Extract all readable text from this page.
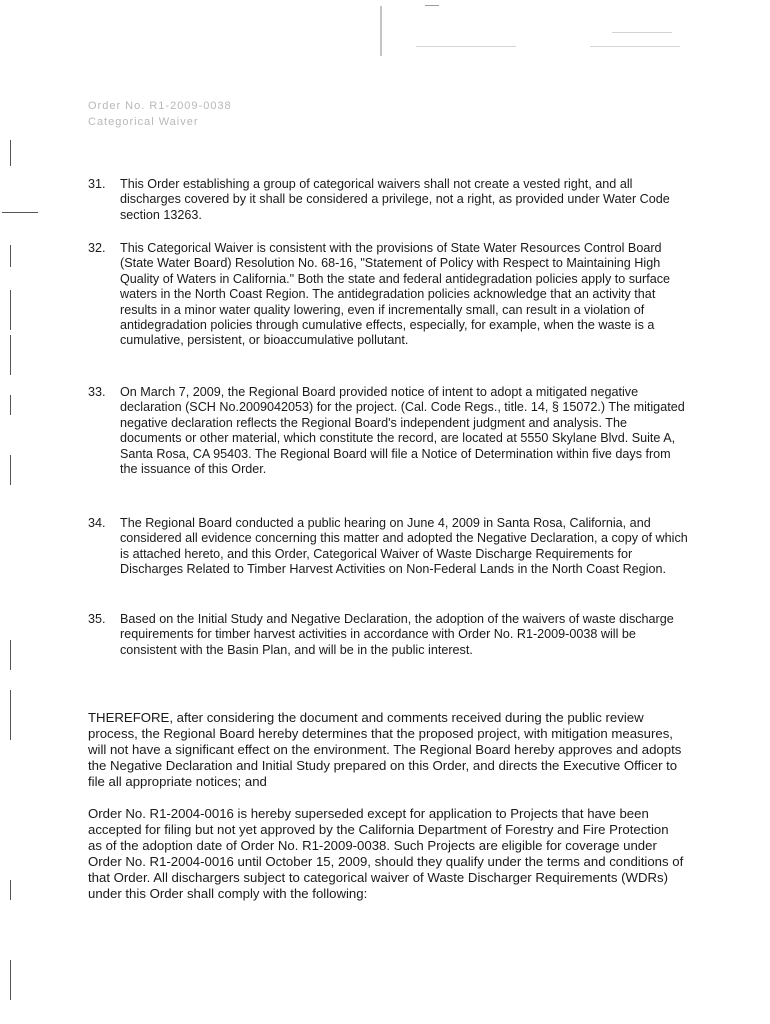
Order No. R1-2009-0038
Categorical Waiver
31.	This Order establishing a group of categorical waivers shall not create a vested right, and all discharges covered by it shall be considered a privilege, not a right, as provided under Water Code section 13263.
32.	This Categorical Waiver is consistent with the provisions of State Water Resources Control Board (State Water Board) Resolution No. 68-16, "Statement of Policy with Respect to Maintaining High Quality of Waters in California." Both the state and federal antidegradation policies apply to surface waters in the North Coast Region. The antidegradation policies acknowledge that an activity that results in a minor water quality lowering, even if incrementally small, can result in a violation of antidegradation policies through cumulative effects, especially, for example, when the waste is a cumulative, persistent, or bioaccumulative pollutant.
33.	On March 7, 2009, the Regional Board provided notice of intent to adopt a mitigated negative declaration (SCH No.2009042053) for the project. (Cal. Code Regs., title. 14, § 15072.) The mitigated negative declaration reflects the Regional Board's independent judgment and analysis. The documents or other material, which constitute the record, are located at 5550 Skylane Blvd. Suite A, Santa Rosa, CA 95403. The Regional Board will file a Notice of Determination within five days from the issuance of this Order.
34.	The Regional Board conducted a public hearing on June 4, 2009 in Santa Rosa, California, and considered all evidence concerning this matter and adopted the Negative Declaration, a copy of which is attached hereto, and this Order, Categorical Waiver of Waste Discharge Requirements for Discharges Related to Timber Harvest Activities on Non-Federal Lands in the North Coast Region.
35.	Based on the Initial Study and Negative Declaration, the adoption of the waivers of waste discharge requirements for timber harvest activities in accordance with Order No. R1-2009-0038 will be consistent with the Basin Plan, and will be in the public interest.
THEREFORE, after considering the document and comments received during the public review process, the Regional Board hereby determines that the proposed project, with mitigation measures, will not have a significant effect on the environment. The Regional Board hereby approves and adopts the Negative Declaration and Initial Study prepared on this Order, and directs the Executive Officer to file all appropriate notices; and
Order No. R1-2004-0016 is hereby superseded except for application to Projects that have been accepted for filing but not yet approved by the California Department of Forestry and Fire Protection as of the adoption date of Order No. R1-2009-0038. Such Projects are eligible for coverage under Order No. R1-2004-0016 until October 15, 2009, should they qualify under the terms and conditions of that Order. All dischargers subject to categorical waiver of Waste Discharger Requirements (WDRs) under this Order shall comply with the following:
